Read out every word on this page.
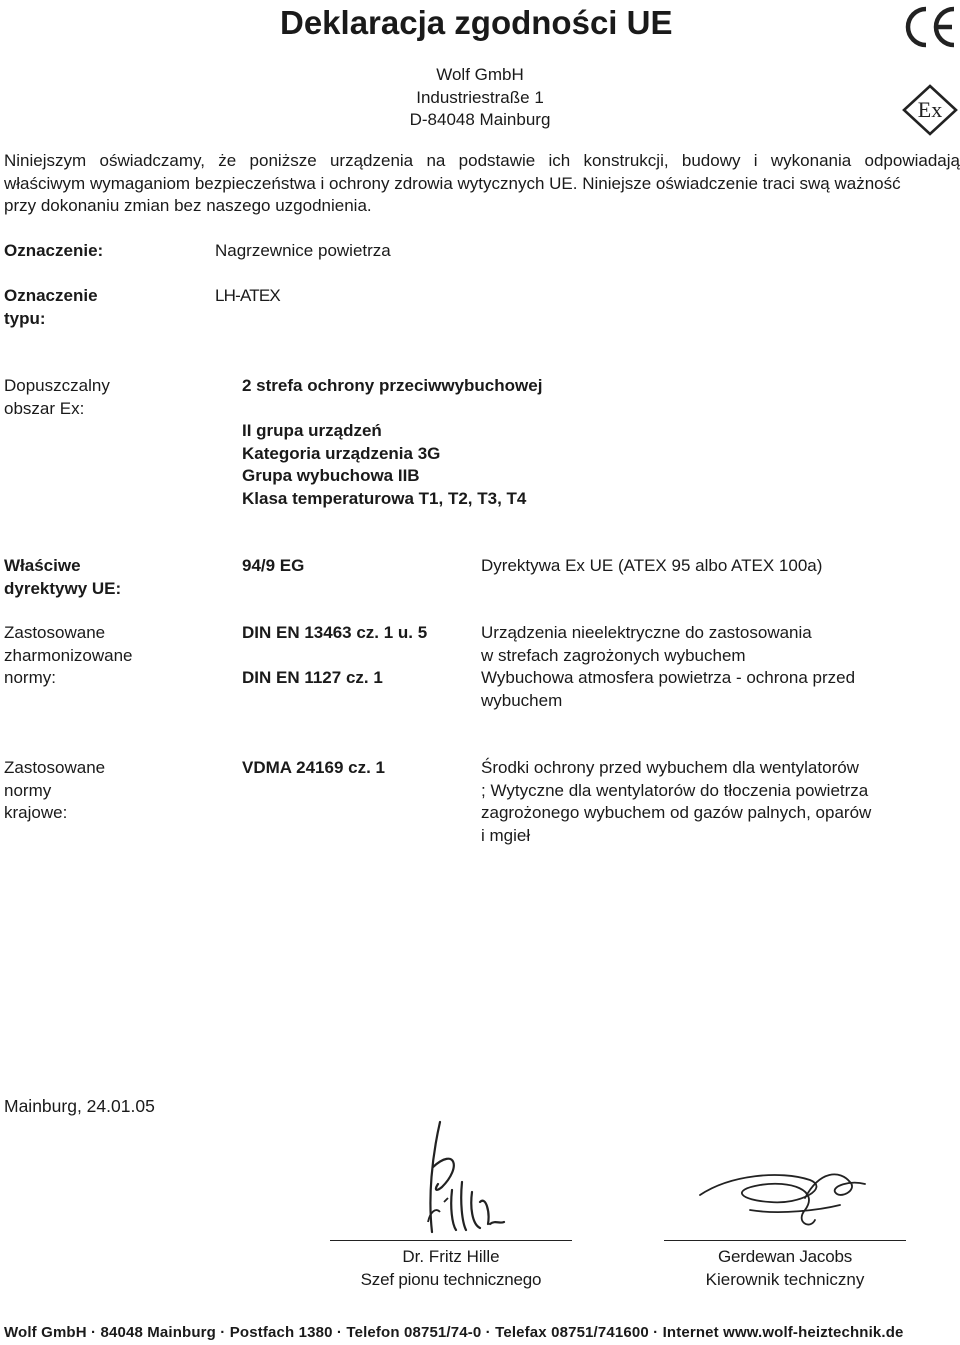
Deklaracja zgodności UE
Ex
Wolf GmbH
Industriestraße 1
D-84048 Mainburg
Niniejszym oświadczamy, że poniższe urządzenia na podstawie ich konstrukcji, budowy i wykonania odpowiadają
właściwym wymaganiom bezpieczeństwa i ochrony zdrowia wytycznych UE. Niniejsze oświadczenie traci swą ważność
przy dokonaniu zmian bez naszego uzgodnienia.
Oznaczenie:	Nagrzewnice powietrza
Oznaczenie
typu:
LH-ATEX
Dopuszczalny
obszar Ex:
2 strefa ochrony przeciwwybuchowej
II grupa urządzeń
Kategoria urządzenia 3G
Grupa wybuchowa IIB
Klasa temperaturowa T1, T2, T3, T4
Właściwe
dyrektywy UE:
94/9 EG	Dyrektywa Ex UE (ATEX 95 albo ATEX 100a)
Zastosowane
zharmonizowane
normy:
DIN EN 13463 cz. 1 u. 5	Urządzenia nieelektryczne do zastosowania
w strefach zagrożonych wybuchem
DIN EN 1127 cz. 1	Wybuchowa atmosfera powietrza - ochrona przed
wybuchem
Zastosowane
normy
krajowe:
VDMA 24169 cz. 1	Środki ochrony przed wybuchem dla wentylatorów
; Wytyczne dla wentylatorów do tłoczenia powietrza
zagrożonego wybuchem od gazów palnych, oparów
i mgieł
Mainburg, 24.01.05
Dr. Fritz Hille
Szef pionu technicznego
Gerdewan Jacobs
Kierownik techniczny
Wolf GmbH · 84048 Mainburg · Postfach 1380 · Telefon 08751/74-0 · Telefax 08751/741600 · Internet www.wolf-heiztechnik.de
